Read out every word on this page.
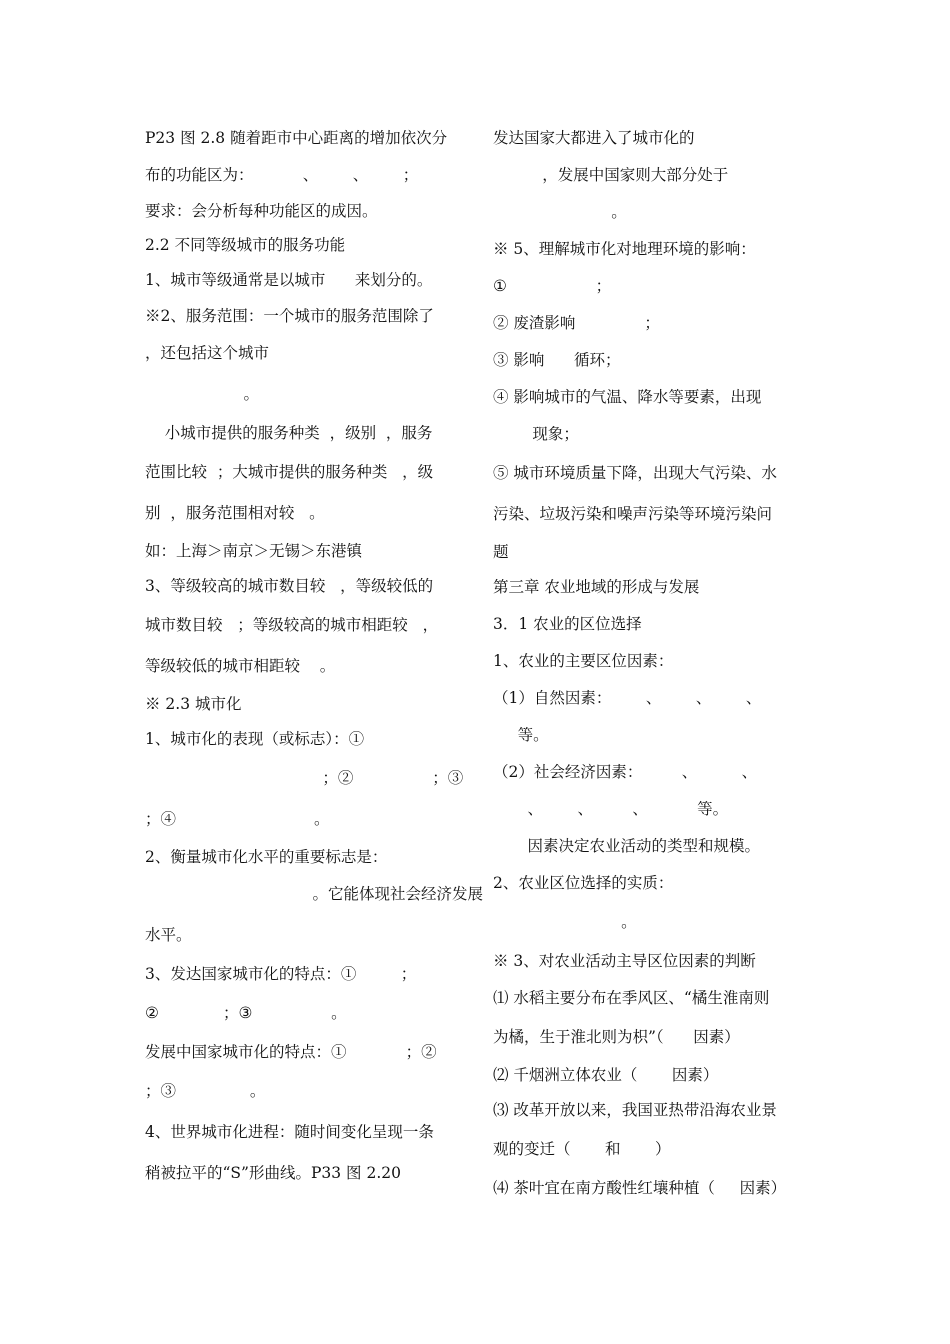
P23 图 2.8 随着距市中心距离的增加依次分
布的功能区为：          、       、       ；
要求：会分析每种功能区的成因。
2.2 不同等级城市的服务功能
1、城市等级通常是以城市      来划分的。
※2、服务范围：一个城市的服务范围除了
，还包括这个城市
。
小城市提供的服务种类  ，级别  ，服务
范围比较  ；大城市提供的服务种类   ，级
别  ，服务范围相对较   。
如：上海＞南京＞无锡＞东港镇
3、等级较高的城市数目较   ，等级较低的
城市数目较   ；等级较高的城市相距较   ，
等级较低的城市相距较    。
※ 2.3 城市化
1、城市化的表现（或标志）：①
；②                ；③
；④                            。
2、衡量城市化水平的重要标志是：
。它能体现社会经济发展
水平。
3、发达国家城市化的特点：①         ；
②             ；③                。
发展中国家城市化的特点：①            ；②
；③               。
4、世界城市化进程：随时间变化呈现一条
稍被拉平的“S”形曲线。P33 图 2.20
发达国家大都进入了城市化的
，发展中国家则大部分处于
。
※ 5、理解城市化对地理环境的影响：
①                  ；
② 废渣影响              ；
③ 影响      循环；
④ 影响城市的气温、降水等要素，出现
现象；
⑤ 城市环境质量下降，出现大气污染、水
污染、垃圾污染和噪声污染等环境污染问
题
第三章 农业地域的形成与发展
3．1 农业的区位选择
1、农业的主要区位因素：
（1）自然因素：       、       、       、
等。
（2）社会经济因素：        、         、
、       、        、          等。
因素决定农业活动的类型和规模。
2、农业区位选择的实质：
。
※ 3、对农业活动主导区位因素的判断
⑴ 水稻主要分布在季风区、“橘生淮南则
为橘，生于淮北则为枳”（      因素）
⑵ 千烟洲立体农业（       因素）
⑶ 改革开放以来，我国亚热带沿海农业景
观的变迁（       和       ）
⑷ 茶叶宜在南方酸性红壤种植（     因素）
